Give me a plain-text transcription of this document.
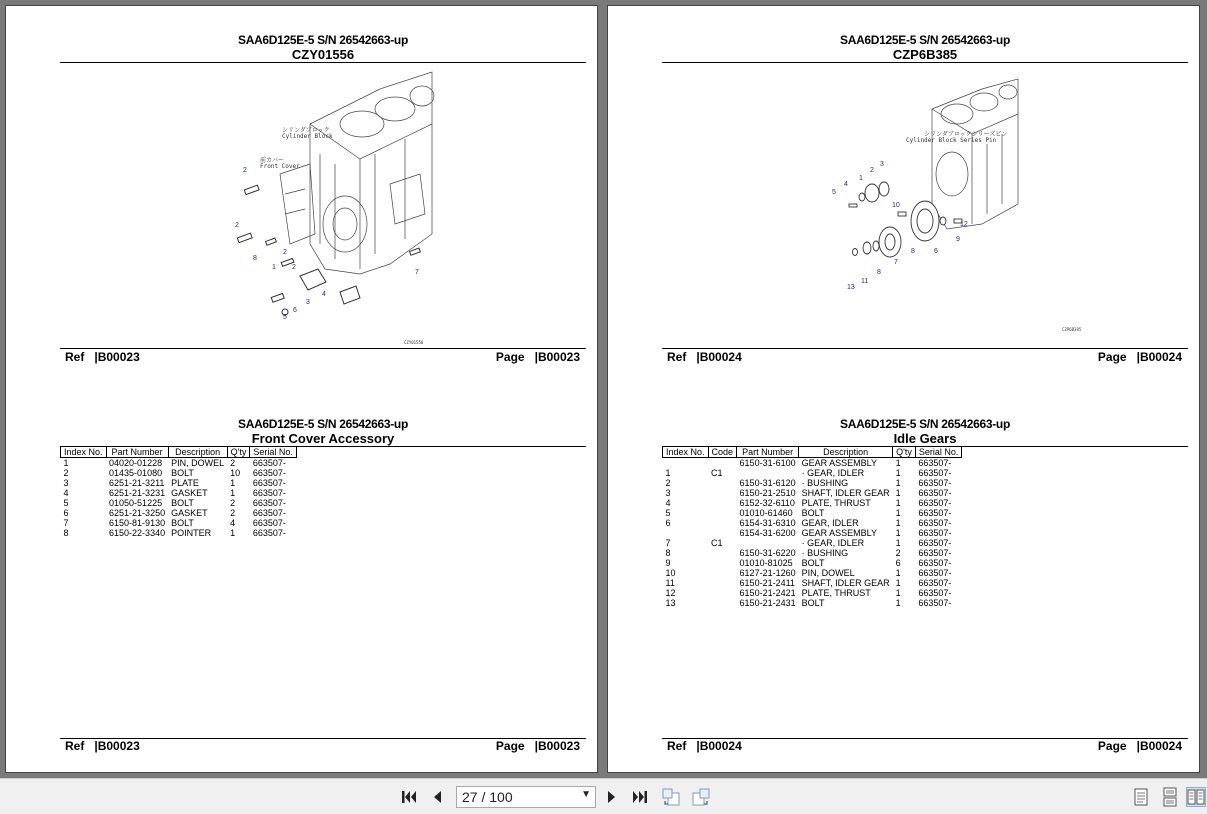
SAA6D125E-5 S/N 26542663-up
CZY01556
シリンダブロック
Cylinder Block
前カバー
Front Cover
CZY01556
2
2
2
8
1 2
7
4
3
5
6
Ref |B00023	Page |B00023
SAA6D125E-5 S/N 26542663-up
Front Cover Accessory
Index No.	Part Number	Description	Q'ty	Serial No.
1	04020-01228	PIN, DOWEL	2	663507-
2	01435-01080	BOLT	10	663507-
3	6251-21-3211	PLATE	1	663507-
4	6251-21-3231	GASKET	1	663507-
5	01050-51225	BOLT	2	663507-
6	6251-21-3250	GASKET	2	663507-
7	6150-81-9130	BOLT	4	663507-
8	6150-22-3340	POINTER	1	663507-
Ref |B00023	Page |B00023
SAA6D125E-5 S/N 26542663-up
CZP6B385
シリンダブロックシリーズピン
Cylinder Block Series Pin
CZP6B385
1
2
3
4
5
10
12
9
6
8
7
8
11
13
Ref |B00024	Page |B00024
SAA6D125E-5 S/N 26542663-up
Idle Gears
Index No.	Code	Part Number	Description	Q'ty	Serial No.
		6150-31-6100	GEAR ASSEMBLY	1	663507-
1	C1		· GEAR, IDLER	1	663507-
2		6150-31-6120	· BUSHING	1	663507-
3		6150-21-2510	SHAFT, IDLER GEAR	1	663507-
4		6152-32-6110	PLATE, THRUST	1	663507-
5		01010-61460	BOLT	1	663507-
6		6154-31-6310	GEAR, IDLER	1	663507-
		6154-31-6200	GEAR ASSEMBLY	1	663507-
7	C1		· GEAR, IDLER	1	663507-
8		6150-31-6220	· BUSHING	2	663507-
9		01010-81025	BOLT	6	663507-
10		6127-21-1260	PIN, DOWEL	1	663507-
11		6150-21-2411	SHAFT, IDLER GEAR	1	663507-
12		6150-21-2421	PLATE, THRUST	1	663507-
13		6150-21-2431	BOLT	1	663507-
Ref |B00024	Page |B00024
27 / 100	▼
